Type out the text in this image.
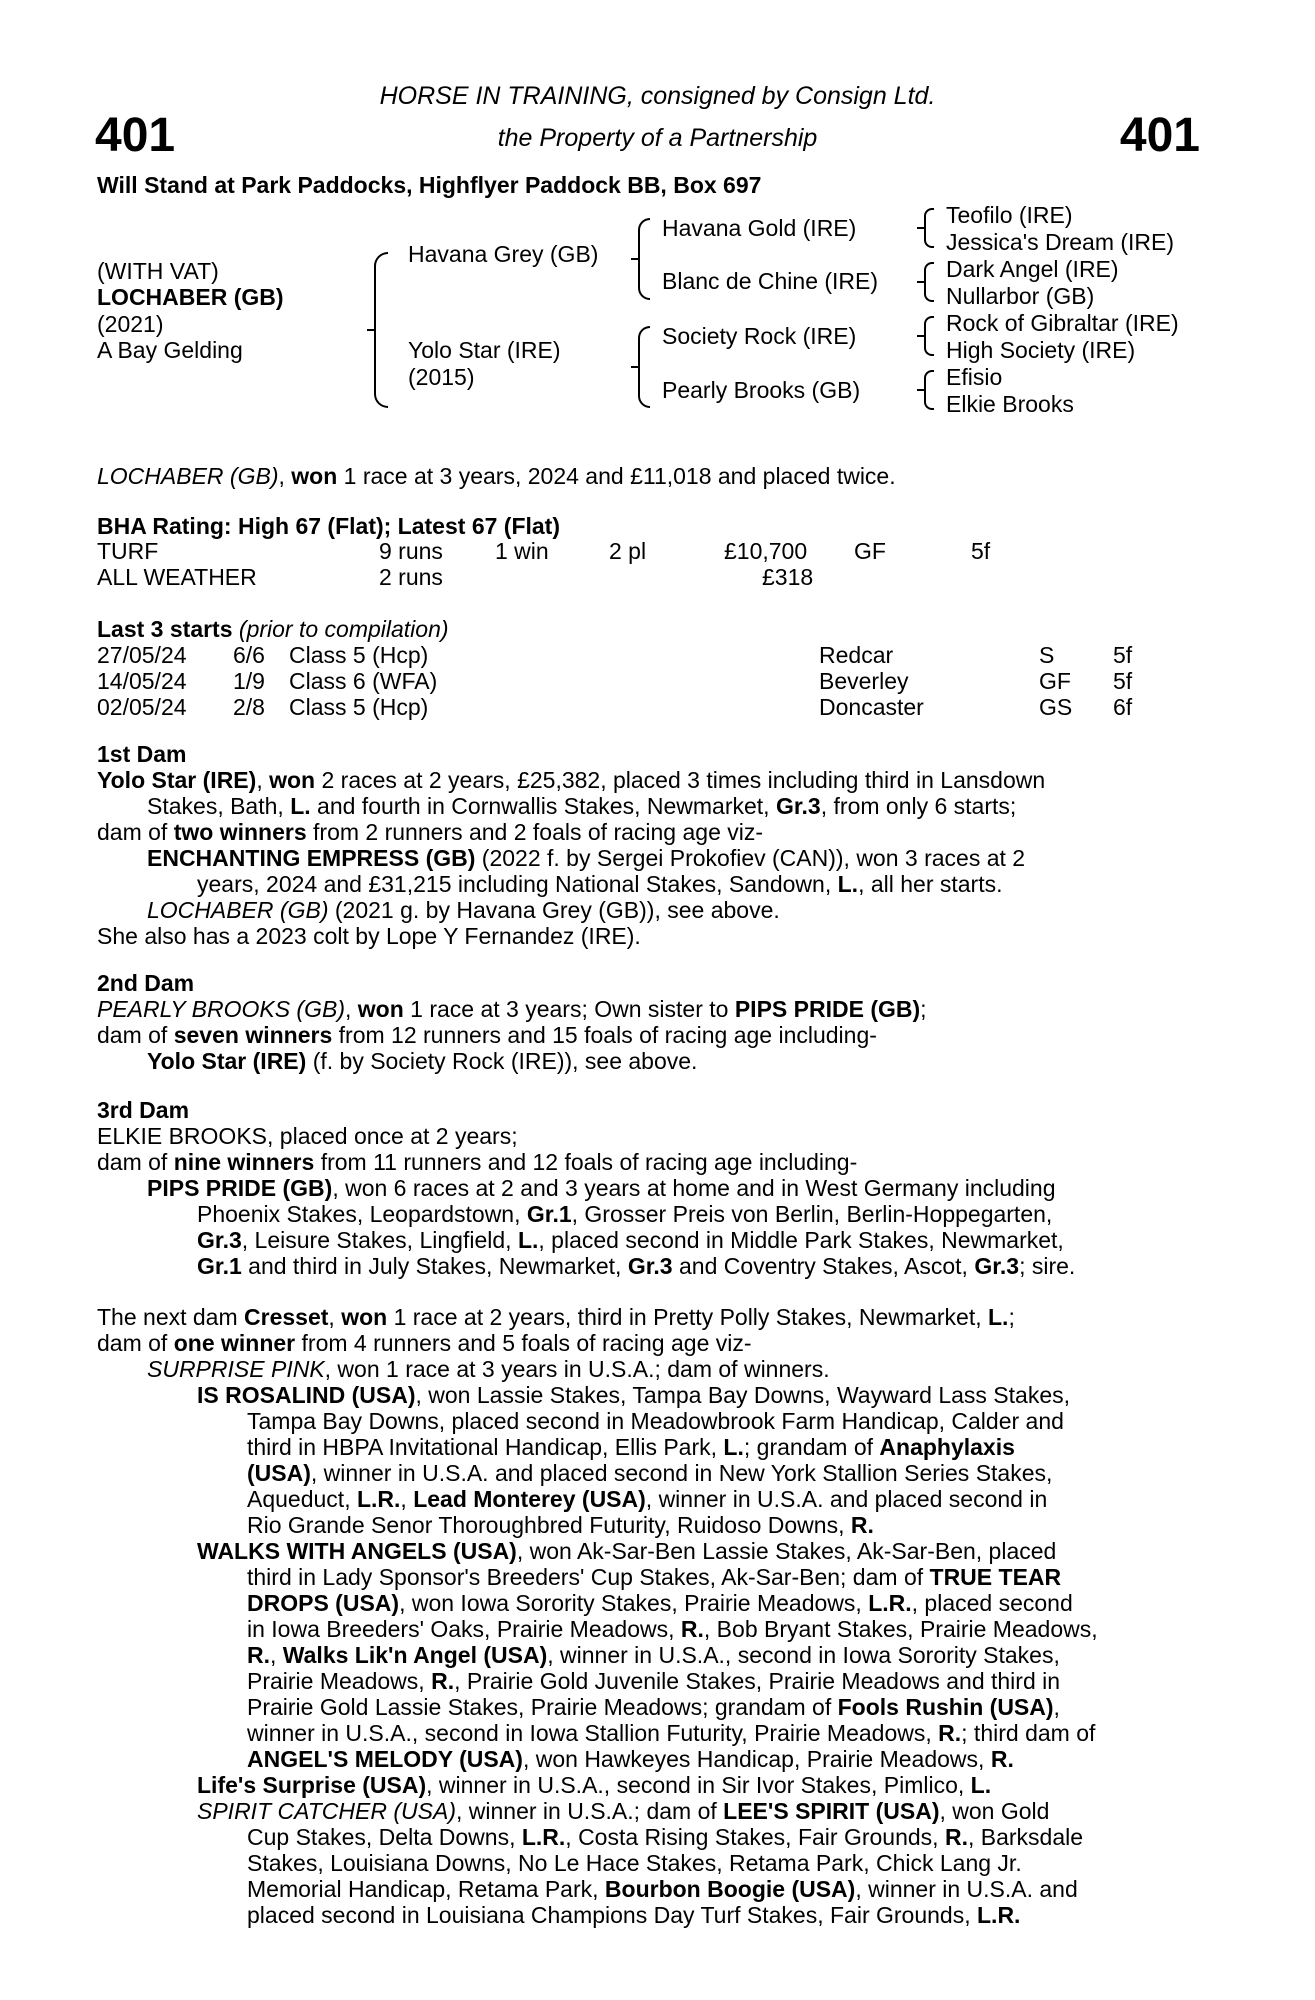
401	401
HORSE IN TRAINING, consigned by Consign Ltd.
the Property of a Partnership
Will Stand at Park Paddocks, Highflyer Paddock BB, Box 697
(WITH VAT)
LOCHABER (GB)
(2021)
A Bay Gelding
Havana Grey (GB)
Yolo Star (IRE)
(2015)
Havana Gold (IRE)
Blanc de Chine (IRE)
Society Rock (IRE)
Pearly Brooks (GB)
Teofilo (IRE)
Jessica's Dream (IRE)
Dark Angel (IRE)
Nullarbor (GB)
Rock of Gibraltar (IRE)
High Society (IRE)
Efisio
Elkie Brooks
LOCHABER (GB), won 1 race at 3 years, 2024 and £11,018 and placed twice.
BHA Rating: High 67 (Flat); Latest 67 (Flat)
TURF	9 runs 1 win	2 pl	£10,700 GF	5f
ALL WEATHER	2 runs	£318
Last 3 starts (prior to compilation)
27/05/24 6/6 Class 5 (Hcp)	Redcar	S	5f
14/05/24 1/9 Class 6 (WFA)	Beverley	GF 5f
02/05/24 2/8 Class 5 (Hcp)	Doncaster	GS 6f
1st Dam
Yolo Star (IRE), won 2 races at 2 years, £25,382, placed 3 times including third in Lansdown
Stakes, Bath, L. and fourth in Cornwallis Stakes, Newmarket, Gr.3, from only 6 starts;
dam of two winners from 2 runners and 2 foals of racing age viz-
ENCHANTING EMPRESS (GB) (2022 f. by Sergei Prokofiev (CAN)), won 3 races at 2
years, 2024 and £31,215 including National Stakes, Sandown, L., all her starts.
LOCHABER (GB) (2021 g. by Havana Grey (GB)), see above.
She also has a 2023 colt by Lope Y Fernandez (IRE).
2nd Dam
PEARLY BROOKS (GB), won 1 race at 3 years; Own sister to PIPS PRIDE (GB);
dam of seven winners from 12 runners and 15 foals of racing age including-
Yolo Star (IRE) (f. by Society Rock (IRE)), see above.
3rd Dam
ELKIE BROOKS, placed once at 2 years;
dam of nine winners from 11 runners and 12 foals of racing age including-
PIPS PRIDE (GB), won 6 races at 2 and 3 years at home and in West Germany including
Phoenix Stakes, Leopardstown, Gr.1, Grosser Preis von Berlin, Berlin-Hoppegarten,
Gr.3, Leisure Stakes, Lingfield, L., placed second in Middle Park Stakes, Newmarket,
Gr.1 and third in July Stakes, Newmarket, Gr.3 and Coventry Stakes, Ascot, Gr.3; sire.
The next dam Cresset, won 1 race at 2 years, third in Pretty Polly Stakes, Newmarket, L.;
dam of one winner from 4 runners and 5 foals of racing age viz-
SURPRISE PINK, won 1 race at 3 years in U.S.A.; dam of winners.
IS ROSALIND (USA), won Lassie Stakes, Tampa Bay Downs, Wayward Lass Stakes,
Tampa Bay Downs, placed second in Meadowbrook Farm Handicap, Calder and
third in HBPA Invitational Handicap, Ellis Park, L.; grandam of Anaphylaxis
(USA), winner in U.S.A. and placed second in New York Stallion Series Stakes,
Aqueduct, L.R., Lead Monterey (USA), winner in U.S.A. and placed second in
Rio Grande Senor Thoroughbred Futurity, Ruidoso Downs, R.
WALKS WITH ANGELS (USA), won Ak-Sar-Ben Lassie Stakes, Ak-Sar-Ben, placed
third in Lady Sponsor's Breeders' Cup Stakes, Ak-Sar-Ben; dam of TRUE TEAR
DROPS (USA), won Iowa Sorority Stakes, Prairie Meadows, L.R., placed second
in Iowa Breeders' Oaks, Prairie Meadows, R., Bob Bryant Stakes, Prairie Meadows,
R., Walks Lik'n Angel (USA), winner in U.S.A., second in Iowa Sorority Stakes,
Prairie Meadows, R., Prairie Gold Juvenile Stakes, Prairie Meadows and third in
Prairie Gold Lassie Stakes, Prairie Meadows; grandam of Fools Rushin (USA),
winner in U.S.A., second in Iowa Stallion Futurity, Prairie Meadows, R.; third dam of
ANGEL'S MELODY (USA), won Hawkeyes Handicap, Prairie Meadows, R.
Life's Surprise (USA), winner in U.S.A., second in Sir Ivor Stakes, Pimlico, L.
SPIRIT CATCHER (USA), winner in U.S.A.; dam of LEE'S SPIRIT (USA), won Gold
Cup Stakes, Delta Downs, L.R., Costa Rising Stakes, Fair Grounds, R., Barksdale
Stakes, Louisiana Downs, No Le Hace Stakes, Retama Park, Chick Lang Jr.
Memorial Handicap, Retama Park, Bourbon Boogie (USA), winner in U.S.A. and
placed second in Louisiana Champions Day Turf Stakes, Fair Grounds, L.R.
